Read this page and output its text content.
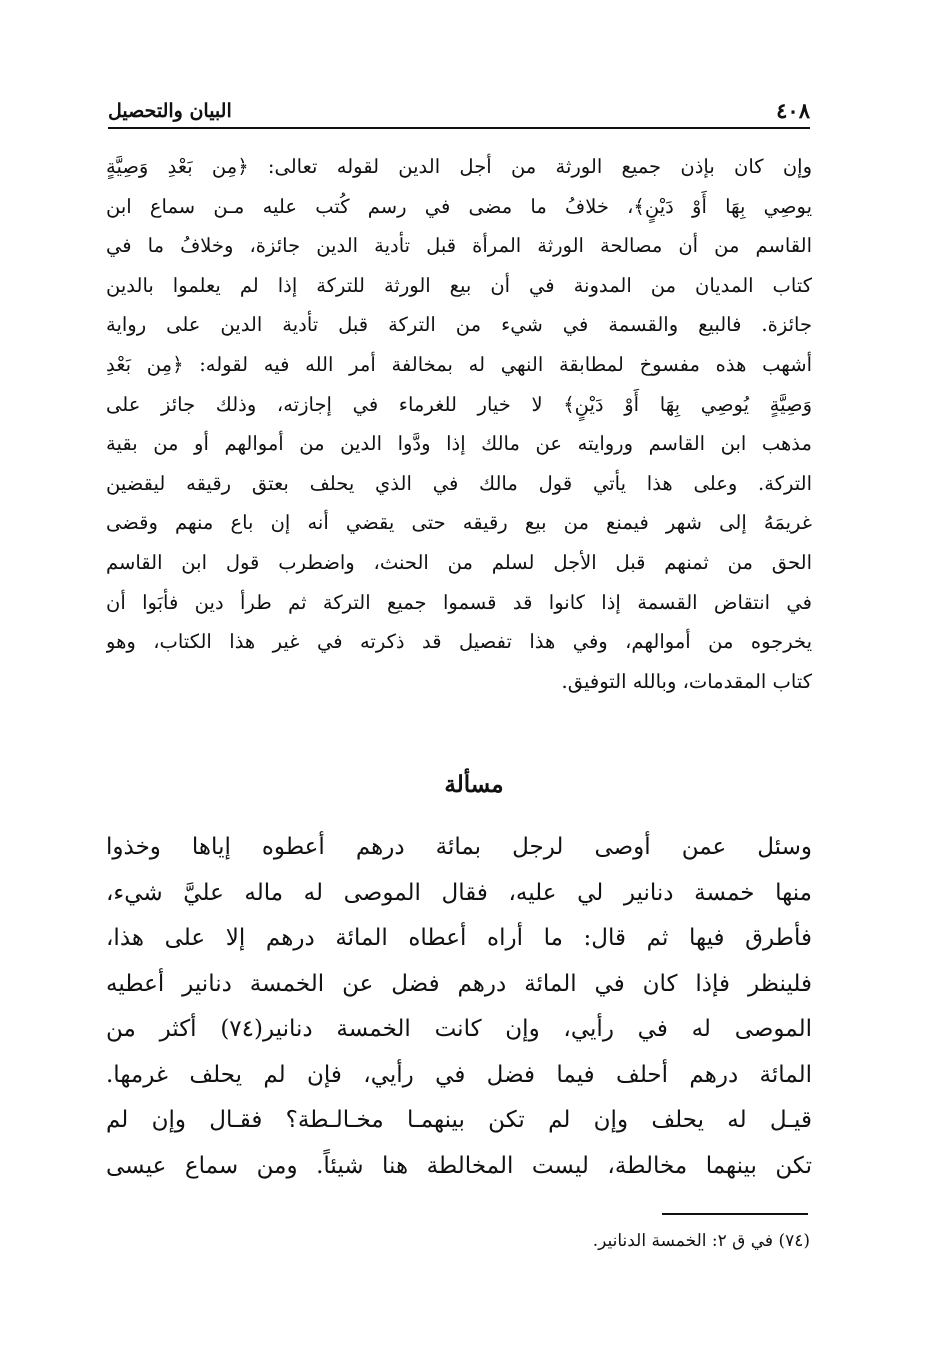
٤٠٨
البيان والتحصيل
وإن كان بإذن جميع الورثة من أجل الدين لقوله تعالى: ﴿مِن بَعْدِ وَصِيَّةٍ
يوصِي بِهَا أَوْ دَيْنٍ﴾، خلافُ ما مضى في رسم كُتب عليه مـن سماع ابن
القاسم من أن مصالحة الورثة المرأة قبل تأدية الدين جائزة، وخلافُ ما في
كتاب المديان من المدونة في أن بيع الورثة للتركة إذا لم يعلموا بالدين
جائزة. فالبيع والقسمة في شيء من التركة قبل تأدية الدين على رواية
أشهب هذه مفسوخ لمطابقة النهي له بمخالفة أمر الله فيه لقوله: ﴿مِن بَعْدِ
وَصِيَّةٍ يُوصِي بِهَا أَوْ دَيْنٍ﴾ لا خيار للغرماء في إجازته، وذلك جائز على
مذهب ابن القاسم وروايته عن مالك إذا ودَّوا الدين من أموالهم أو من بقية
التركة. وعلى هذا يأتي قول مالك في الذي يحلف بعتق رقيقه ليقضين
غريمَهُ إلى شهر فيمنع من بيع رقيقه حتى يقضي أنه إن باع منهم وقضى
الحق من ثمنهم قبل الأجل لسلم من الحنث، واضطرب قول ابن القاسم
في انتقاض القسمة إذا كانوا قد قسموا جميع التركة ثم طرأ دين فأبَوا أن
يخرجوه من أموالهم، وفي هذا تفصيل قد ذكرته في غير هذا الكتاب، وهو
كتاب المقدمات، وبالله التوفيق.
مسألة
وسئل عمن أوصى لرجل بمائة درهم أعطوه إياها وخذوا
منها خمسة دنانير لي عليه، فقال الموصى له ماله عليَّ شيء،
فأطرق فيها ثم قال: ما أراه أعطاه المائة درهم إلا على هذا،
فلينظر فإذا كان في المائة درهم فضل عن الخمسة دنانير أعطيه
الموصى له في رأيي، وإن كانت الخمسة دنانير(٧٤) أكثر من
المائة درهم أحلف فيما فضل في رأيي، فإن لم يحلف غرمها.
قيـل له يحلف وإن لم تكن بينهمـا مخـالـطة؟ فقـال وإن لم
تكن بينهما مخالطة، ليست المخالطة هنا شيئاً. ومن سماع عيسى
(٧٤) في ق ٢: الخمسة الدنانير.
